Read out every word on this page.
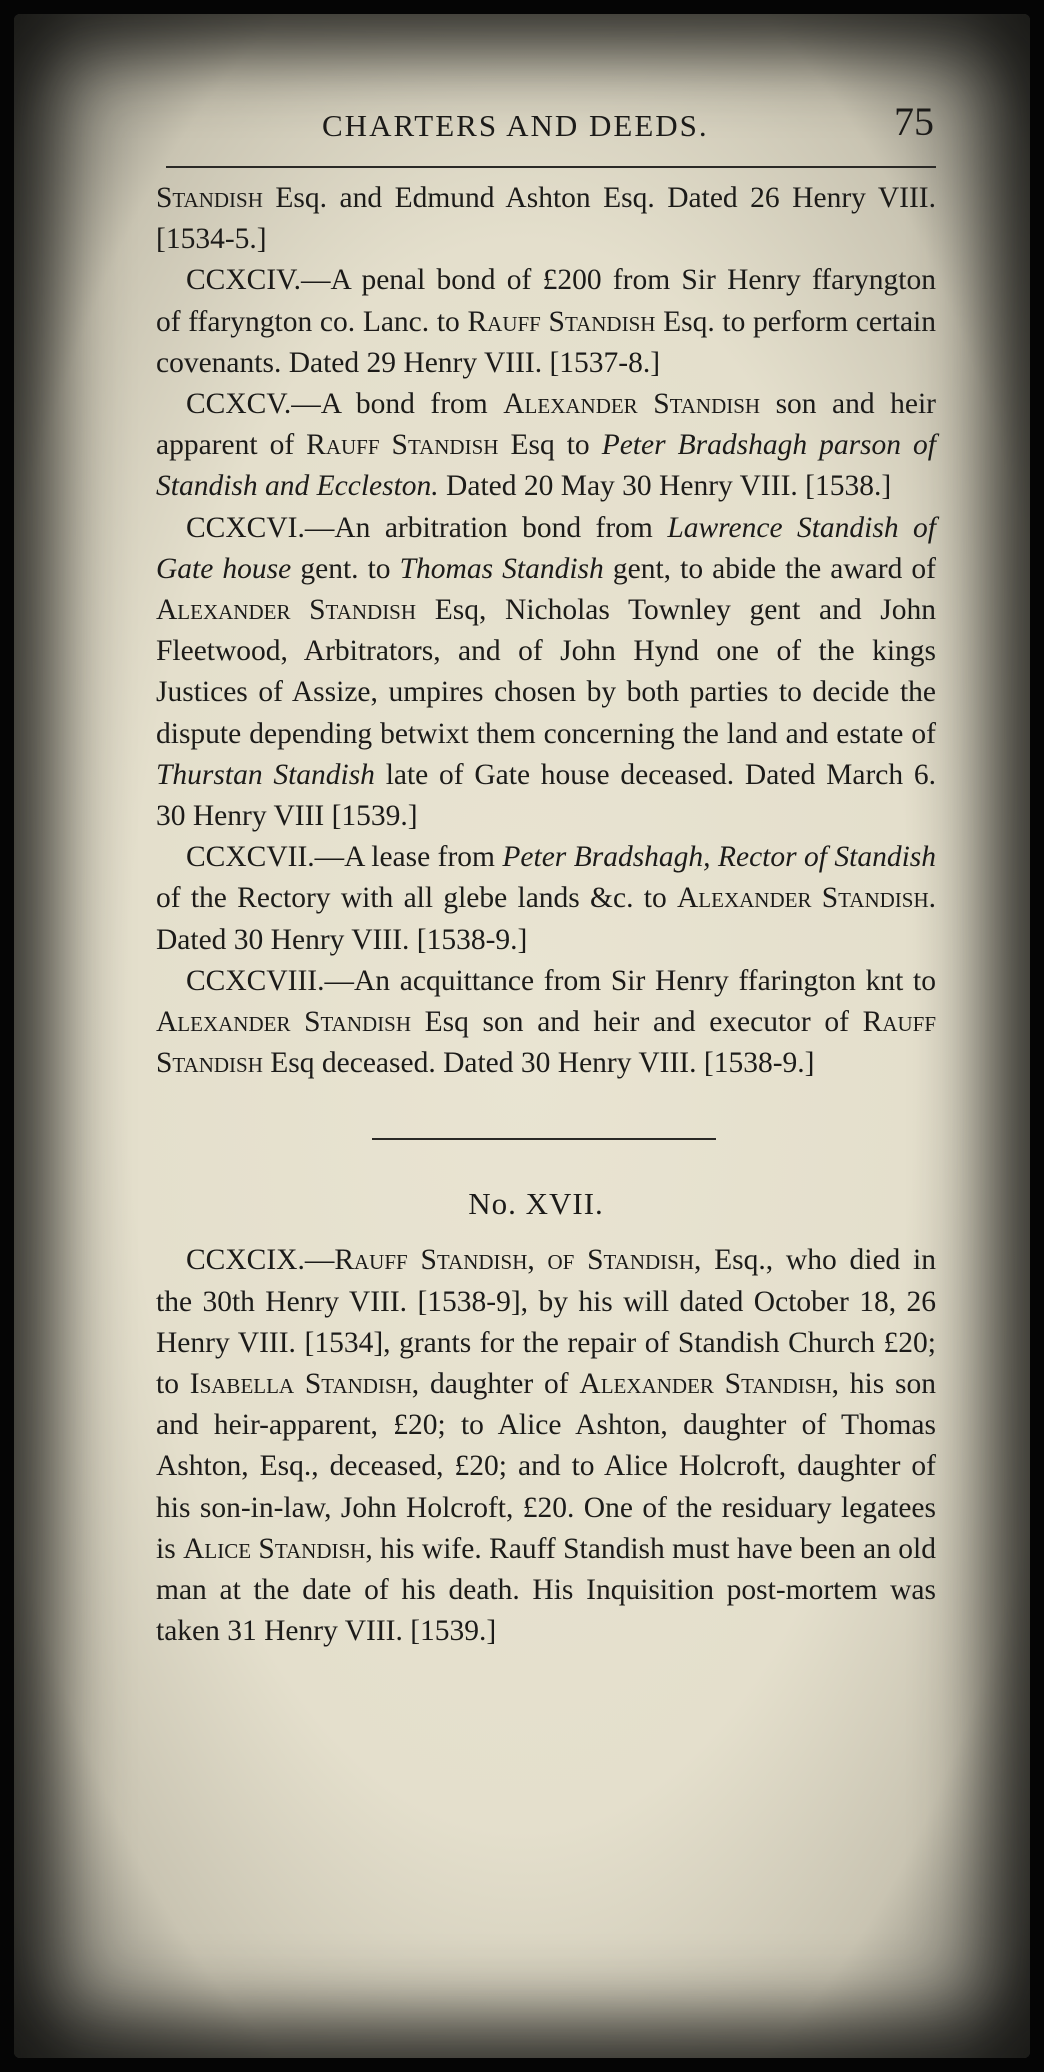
CHARTERS AND DEEDS.	75

Standish Esq. and Edmund Ashton Esq. Dated 26 Henry VIII. [1534-5.]

CCXCIV.—A penal bond of £200 from Sir Henry ffaryngton of ffaryngton co. Lanc. to Rauff Standish Esq. to perform certain covenants. Dated 29 Henry VIII. [1537-8.]

CCXCV.—A bond from Alexander Standish son and heir apparent of Rauff Standish Esq to Peter Bradshagh parson of Standish and Eccleston. Dated 20 May 30 Henry VIII. [1538.]

CCXCVI.—An arbitration bond from Lawrence Standish of Gate house gent. to Thomas Standish gent, to abide the award of Alexander Standish Esq, Nicholas Townley gent and John Fleetwood, Arbitrators, and of John Hynd one of the kings Justices of Assize, umpires chosen by both parties to decide the dispute depending betwixt them concerning the land and estate of Thurstan Standish late of Gate house deceased. Dated March 6. 30 Henry VIII [1539.]

CCXCVII.—A lease from Peter Bradshagh, Rector of Standish of the Rectory with all glebe lands &c. to Alexander Standish. Dated 30 Henry VIII. [1538-9.]

CCXCVIII.—An acquittance from Sir Henry ffarington knt to Alexander Standish Esq son and heir and executor of Rauff Standish Esq deceased. Dated 30 Henry VIII. [1538-9.]

No. XVII.

CCXCIX.—Rauff Standish, of Standish, Esq., who died in the 30th Henry VIII. [1538-9], by his will dated October 18, 26 Henry VIII. [1534], grants for the repair of Standish Church £20; to Isabella Standish, daughter of Alexander Standish, his son and heir-apparent, £20; to Alice Ashton, daughter of Thomas Ashton, Esq., deceased, £20; and to Alice Holcroft, daughter of his son-in-law, John Holcroft, £20. One of the residuary legatees is Alice Standish, his wife. Rauff Standish must have been an old man at the date of his death. His Inquisition post-mortem was taken 31 Henry VIII. [1539.]
